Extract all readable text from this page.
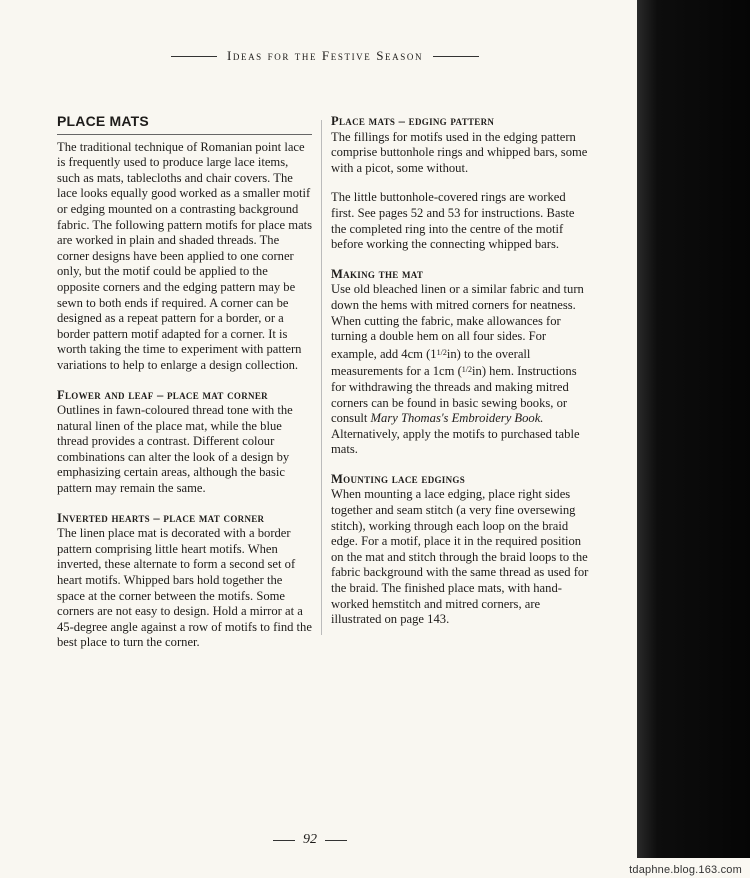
Ideas for the Festive Season
PLACE MATS

The traditional technique of Romanian point lace is frequently used to produce large lace items, such as mats, tablecloths and chair covers. The lace looks equally good worked as a smaller motif or edging mounted on a contrasting background fabric. The following pattern motifs for place mats are worked in plain and shaded threads. The corner designs have been applied to one corner only, but the motif could be applied to the opposite corners and the edging pattern may be sewn to both ends if required. A corner can be designed as a repeat pattern for a border, or a border pattern motif adapted for a corner. It is worth taking the time to experiment with pattern variations to help to enlarge a design collection.

Flower and leaf – place mat corner

Outlines in fawn-coloured thread tone with the natural linen of the place mat, while the blue thread provides a contrast. Different colour combinations can alter the look of a design by emphasizing certain areas, although the basic pattern may remain the same.

Inverted hearts – place mat corner

The linen place mat is decorated with a border pattern comprising little heart motifs. When inverted, these alternate to form a second set of heart motifs. Whipped bars hold together the space at the corner between the motifs. Some corners are not easy to design. Hold a mirror at a 45-degree angle against a row of motifs to find the best place to turn the corner.

Place mats – edging pattern

The fillings for motifs used in the edging pattern comprise buttonhole rings and whipped bars, some with a picot, some without.

The little buttonhole-covered rings are worked first. See pages 52 and 53 for instructions. Baste the completed ring into the centre of the motif before working the connecting whipped bars.

Making the mat

Use old bleached linen or a similar fabric and turn down the hems with mitred corners for neatness. When cutting the fabric, make allowances for turning a double hem on all four sides. For example, add 4cm $(1^{1/2}in)$ to the overall measurements for a 1cm ($^{1/2}$in) hem. Instructions for withdrawing the threads and making mitred corners can be found in basic sewing books, or consult Mary Thomas's Embroidery Book. Alternatively, apply the motifs to purchased table mats.

Mounting lace edgings

When mounting a lace edging, place right sides together and seam stitch (a very fine oversewing stitch), working through each loop on the braid edge. For a motif, place it in the required position on the mat and stitch through the braid loops to the fabric background with the same thread as used for the braid. The finished place mats, with hand-worked hemstitch and mitred corners, are illustrated on page 143.

92
tdaphne.blog.163.com
